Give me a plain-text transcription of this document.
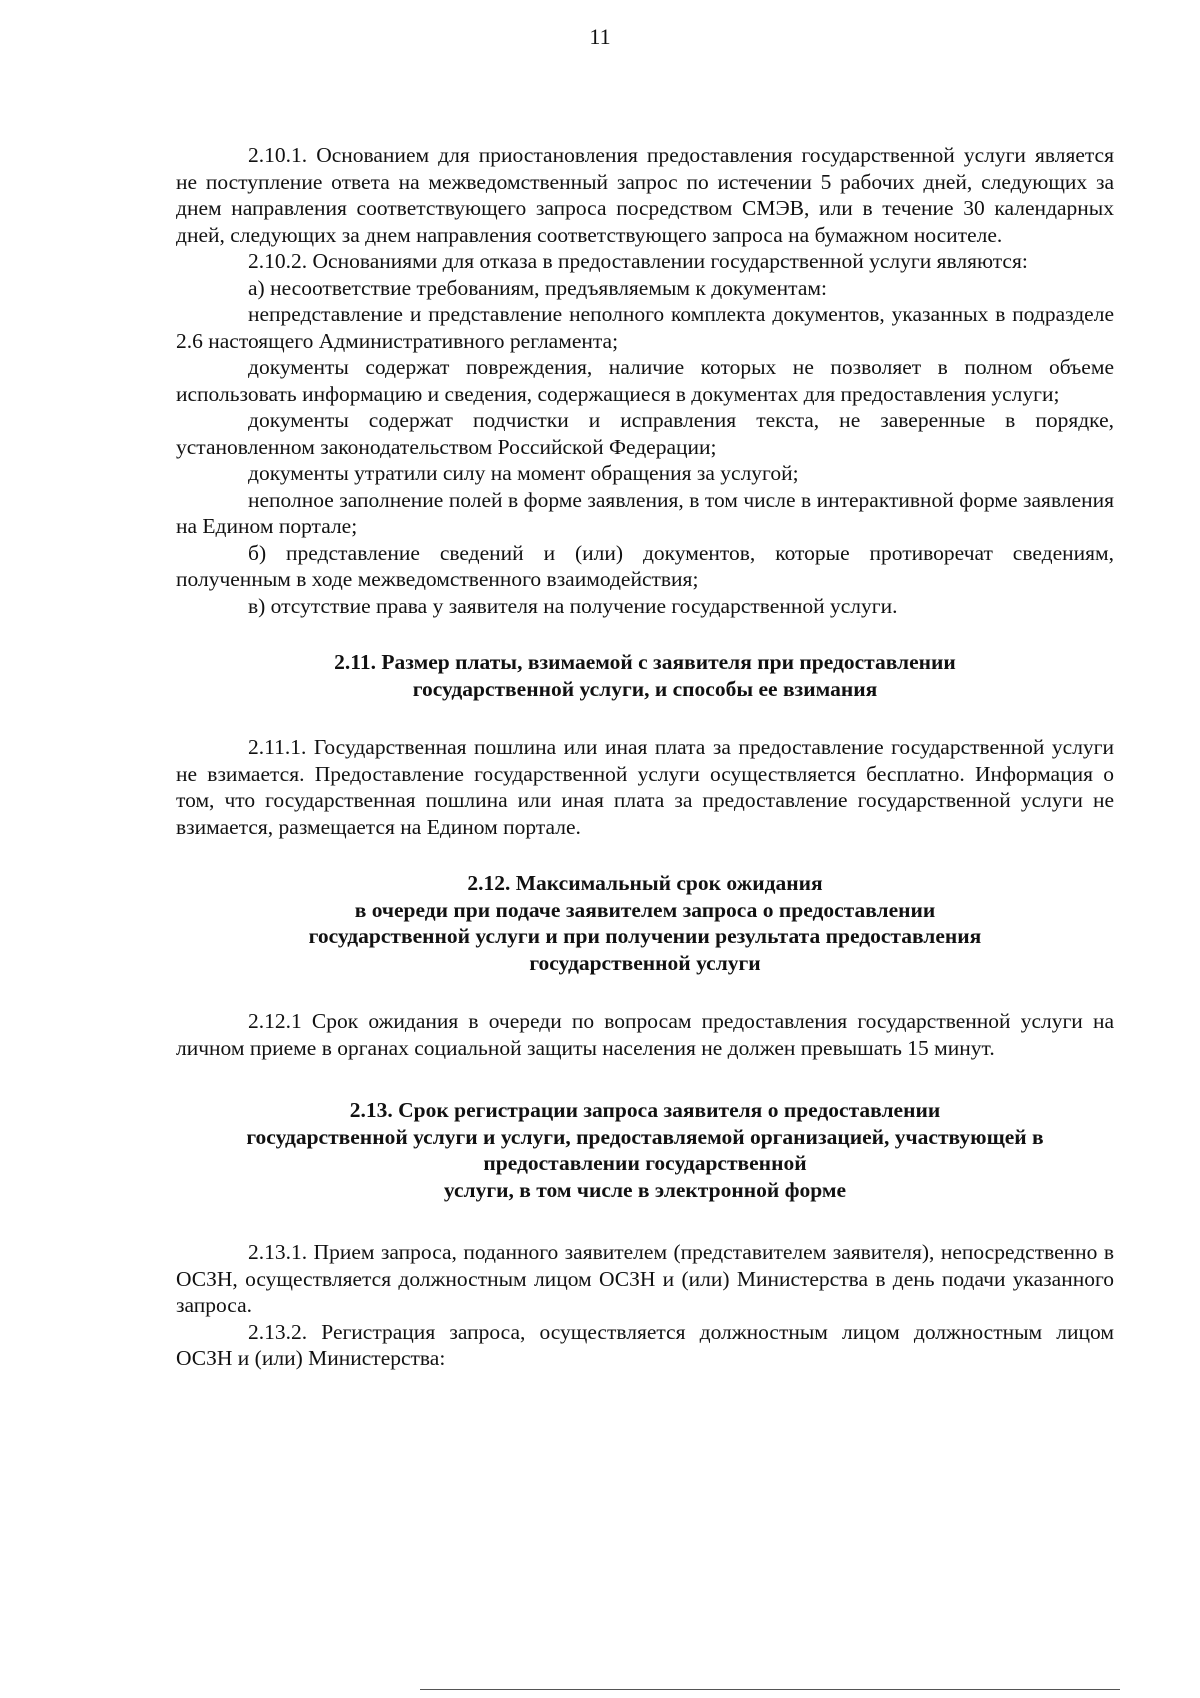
11

2.10.1. Основанием для приостановления предоставления государственной услуги является не поступление ответа на межведомственный запрос по истечении 5 рабочих дней, следующих за днем направления соответствующего запроса посредством СМЭВ, или в течение 30 календарных дней, следующих за днем направления соответствующего запроса на бумажном носителе.

2.10.2. Основаниями для отказа в предоставлении государственной услуги являются:

а) несоответствие требованиям, предъявляемым к документам:

непредставление и представление неполного комплекта документов, указанных в подразделе 2.6 настоящего Административного регламента;

документы содержат повреждения, наличие которых не позволяет в полном объеме использовать информацию и сведения, содержащиеся в документах для предоставления услуги;

документы содержат подчистки и исправления текста, не заверенные в порядке, установленном законодательством Российской Федерации;

документы утратили силу на момент обращения за услугой;

неполное заполнение полей в форме заявления, в том числе в интерактивной форме заявления на Едином портале;

б) представление сведений и (или) документов, которые противоречат сведениям, полученным в ходе межведомственного взаимодействия;

в) отсутствие права у заявителя на получение государственной услуги.

2.11. Размер платы, взимаемой с заявителя при предоставлении
государственной услуги, и способы ее взимания

2.11.1. Государственная пошлина или иная плата за предоставление государственной услуги не взимается. Предоставление государственной услуги осуществляется бесплатно. Информация о том, что государственная пошлина или иная плата за предоставление государственной услуги не взимается, размещается на Едином портале.

2.12. Максимальный срок ожидания
в очереди при подаче заявителем запроса о предоставлении
государственной услуги и при получении результата предоставления
государственной услуги

2.12.1 Срок ожидания в очереди по вопросам предоставления государственной услуги на личном приеме в органах социальной защиты населения не должен превышать 15 минут.

2.13. Срок регистрации запроса заявителя о предоставлении
государственной услуги и услуги, предоставляемой организацией, участвующей в
предоставлении государственной
услуги, в том числе в электронной форме

2.13.1. Прием запроса, поданного заявителем (представителем заявителя), непосредственно в ОСЗН, осуществляется должностным лицом ОСЗН и (или) Министерства в день подачи указанного запроса.

2.13.2. Регистрация запроса, осуществляется должностным лицом должностным лицом ОСЗН и (или) Министерства:
